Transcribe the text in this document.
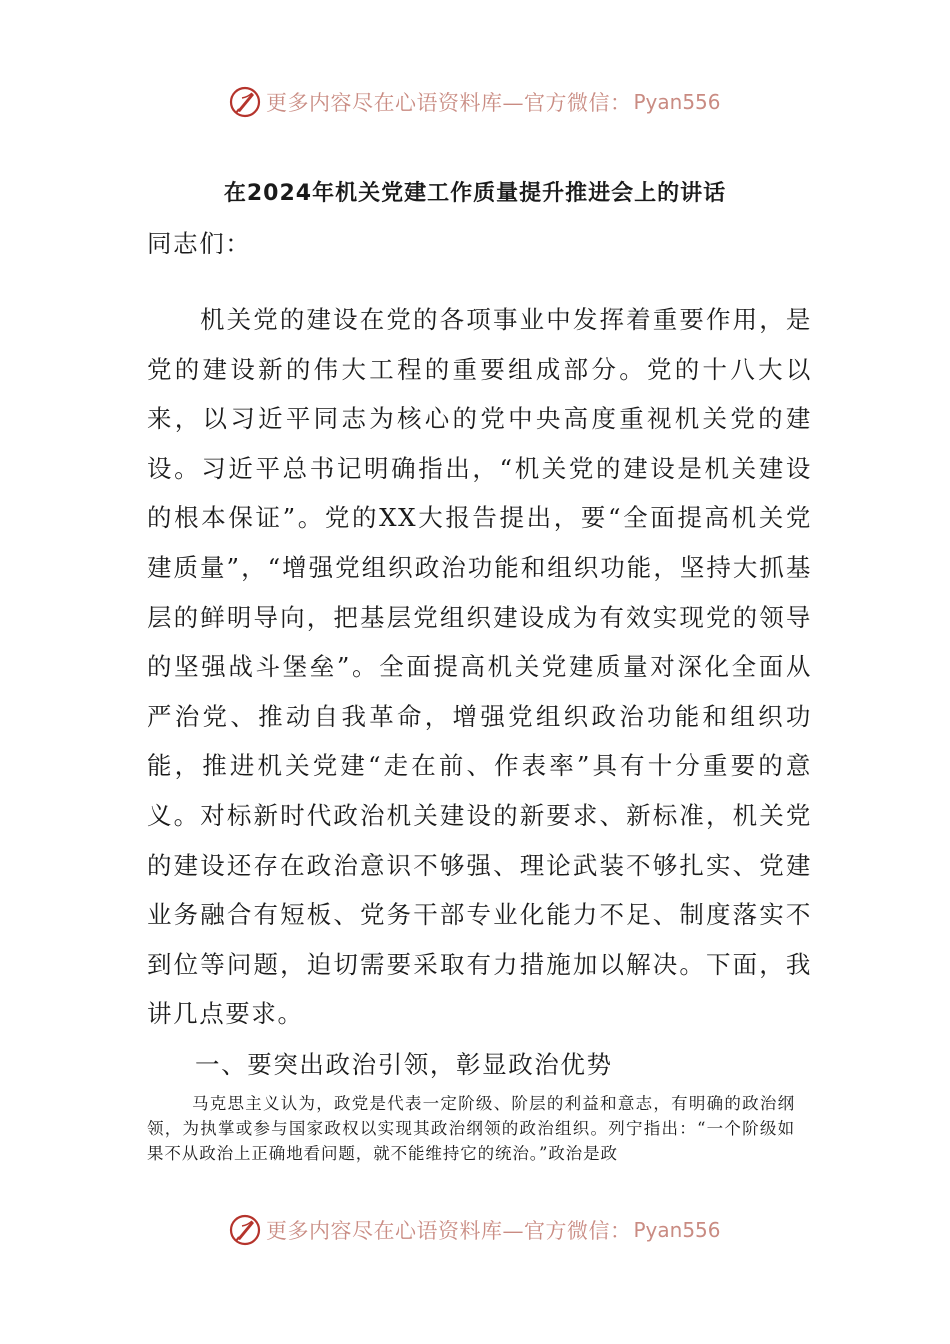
更多内容尽在心语资料库—官方微信： Pyan556
在2024年机关党建工作质量提升推进会上的讲话

同志们：

机关党的建设在党的各项事业中发挥着重要作用，是党的建设新的伟大工程的重要组成部分。党的十八大以来，以习近平同志为核心的党中央高度重视机关党的建设。习近平总书记明确指出，“机关党的建设是机关建设的根本保证”。党的XX大报告提出，要“全面提高机关党建质量”，“增强党组织政治功能和组织功能，坚持大抓基层的鲜明导向，把基层党组织建设成为有效实现党的领导的坚强战斗堡垒”。全面提高机关党建质量对深化全面从严治党、推动自我革命，增强党组织政治功能和组织功能，推进机关党建“走在前、作表率”具有十分重要的意义。对标新时代政治机关建设的新要求、新标准，机关党的建设还存在政治意识不够强、理论武装不够扎实、党建业务融合有短板、党务干部专业化能力不足、制度落实不到位等问题，迫切需要采取有力措施加以解决。下面，我讲几点要求。

一、要突出政治引领，彰显政治优势

马克思主义认为，政党是代表一定阶级、阶层的利益和意志，有明确的政治纲领，为执掌或参与国家政权以实现其政治纲领的政治组织。列宁指出：“一个阶级如果不从政治上正确地看问题，就不能维持它的统治。”政治是政

更多内容尽在心语资料库—官方微信： Pyan556
